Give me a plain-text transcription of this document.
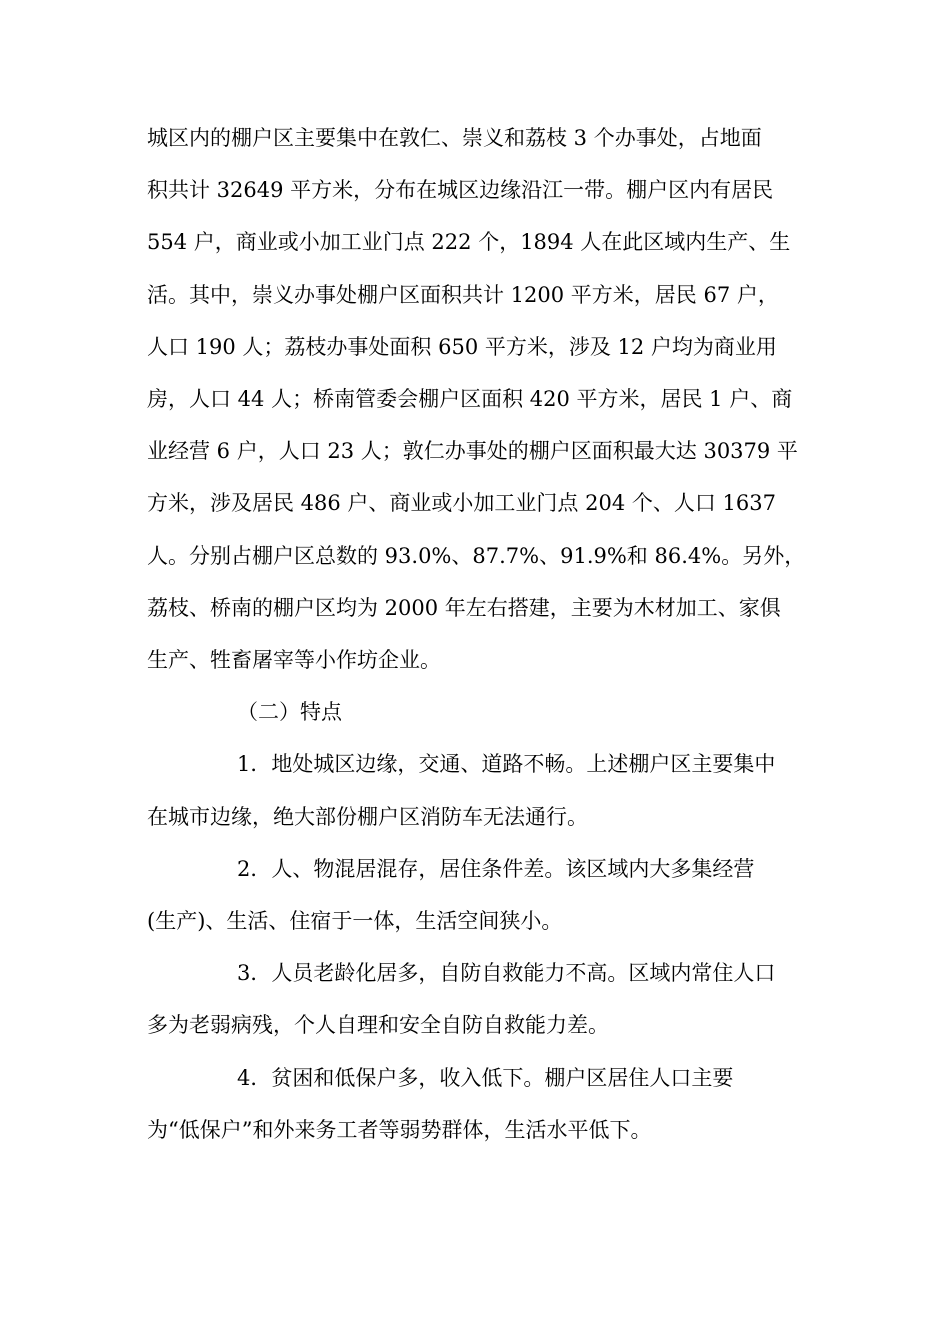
城区内的棚户区主要集中在敦仁、崇义和荔枝 3 个办事处，占地面
积共计 32649 平方米，分布在城区边缘沿江一带。棚户区内有居民
554 户，商业或小加工业门点 222 个，1894 人在此区域内生产、生
活。其中，崇义办事处棚户区面积共计 1200 平方米，居民 67 户，
人口 190 人；荔枝办事处面积 650 平方米，涉及 12 户均为商业用
房，人口 44 人；桥南管委会棚户区面积 420 平方米，居民 1 户、商
业经营 6 户，人口 23 人；敦仁办事处的棚户区面积最大达 30379 平
方米，涉及居民 486 户、商业或小加工业门点 204 个、人口 1637
人。分别占棚户区总数的 93.0%、87.7%、91.9%和 86.4%。另外，
荔枝、桥南的棚户区均为 2000 年左右搭建，主要为木材加工、家俱
生产、牲畜屠宰等小作坊企业。

（二）特点

1．地处城区边缘，交通、道路不畅。上述棚户区主要集中
在城市边缘，绝大部份棚户区消防车无法通行。

2．人、物混居混存，居住条件差。该区域内大多集经营
(生产)、生活、住宿于一体，生活空间狭小。

3．人员老龄化居多，自防自救能力不高。区域内常住人口
多为老弱病残，个人自理和安全自防自救能力差。

4．贫困和低保户多，收入低下。棚户区居住人口主要
为“低保户”和外来务工者等弱势群体，生活水平低下。
